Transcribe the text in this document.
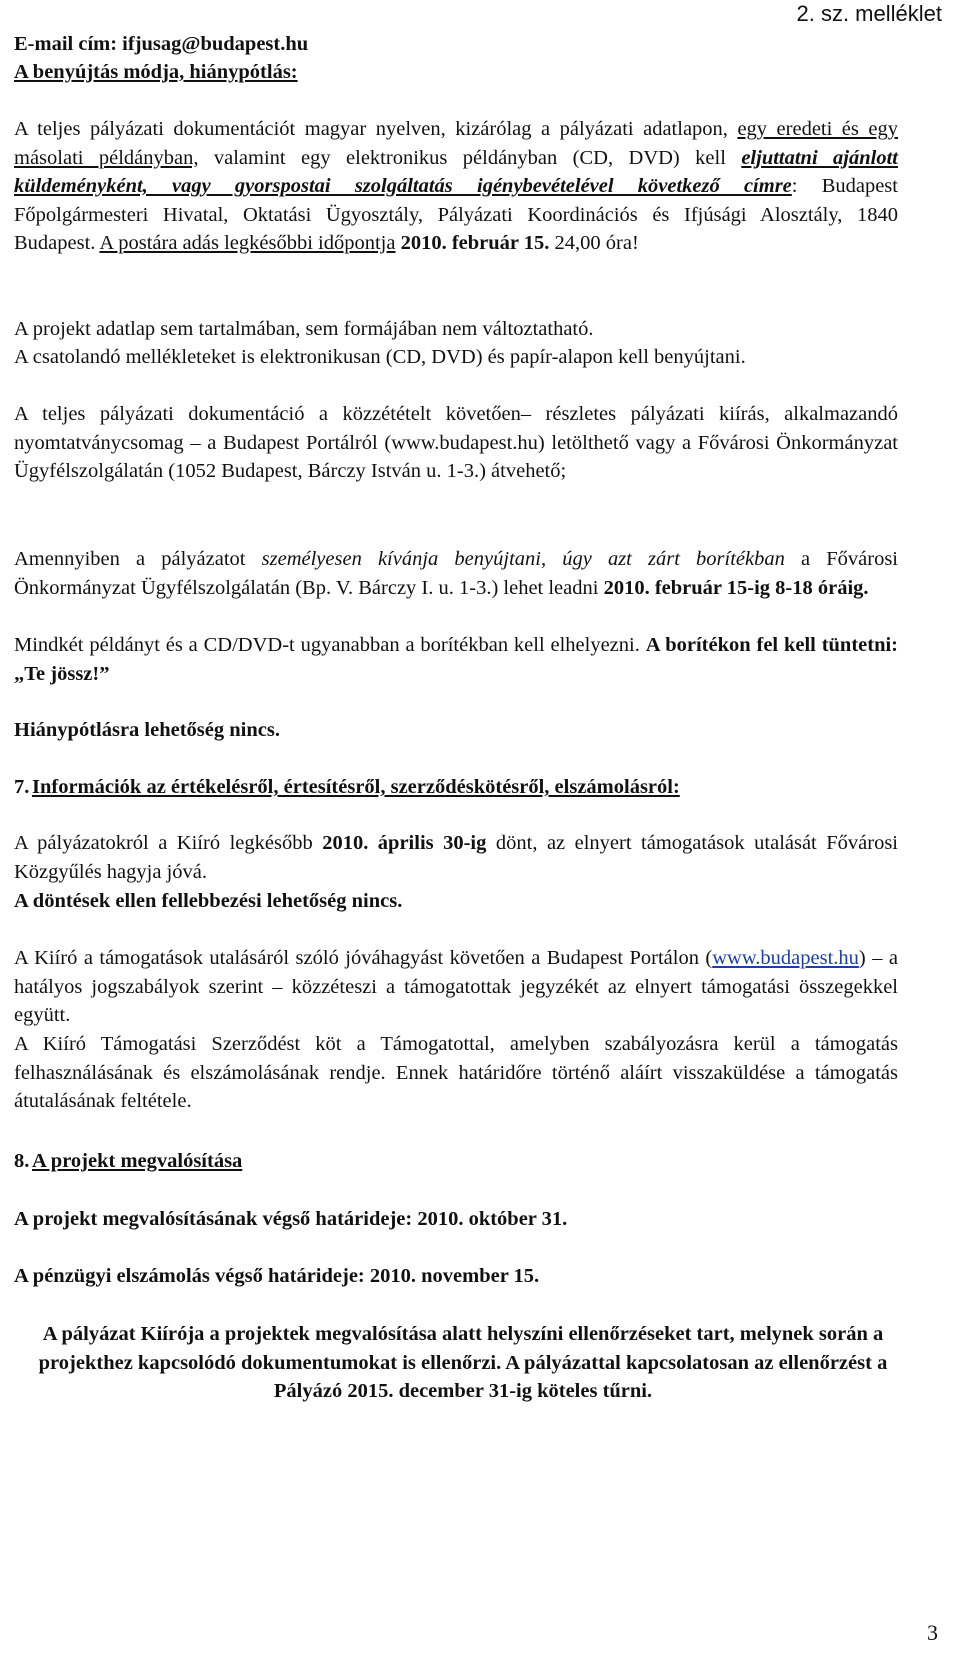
E-mail cím: ifjusag@budapest.hu
A benyújtás módja, hiánypótlás:
2. sz. melléklet
A teljes pályázati dokumentációt magyar nyelven, kizárólag a pályázati adatlapon, egy eredeti és egy másolati példányban, valamint egy elektronikus példányban (CD, DVD) kell eljuttatni ajánlott küldeményként, vagy gyorspostai szolgáltatás igénybevételével következő címre: Budapest Főpolgármesteri Hivatal, Oktatási Ügyosztály, Pályázati Koordinációs és Ifjúsági Alosztály, 1840 Budapest. A postára adás legkésőbbi időpontja 2010. február 15. 24,00 óra!
A projekt adatlap sem tartalmában, sem formájában nem változtatható.
A csatolandó mellékleteket is elektronikusan (CD, DVD) és papír-alapon kell benyújtani.
A teljes pályázati dokumentáció a közzétételt követően– részletes pályázati kiírás, alkalmazandó nyomtatványcsomag – a Budapest Portálról (www.budapest.hu) letölthető vagy a Fővárosi Önkormányzat Ügyfélszolgálatán (1052 Budapest, Bárczy István u. 1-3.) átvehető;
Amennyiben a pályázatot személyesen kívánja benyújtani, úgy azt zárt borítékban a Fővárosi Önkormányzat Ügyfélszolgálatán (Bp. V. Bárczy I. u. 1-3.) lehet leadni 2010. február 15-ig 8-18 óráig.
Mindkét példányt és a CD/DVD-t ugyanabban a borítékban kell elhelyezni. A borítékon fel kell tüntetni: „Te jössz!”
Hiánypótlásra lehetőség nincs.
7. Információk az értékelésről, értesítésről, szerződéskötésről, elszámolásról:
A pályázatokról a Kiíró legkésőbb 2010. április 30-ig dönt, az elnyert támogatások utalását Fővárosi Közgyűlés hagyja jóvá.
A döntések ellen fellebbezési lehetőség nincs.
A Kiíró a támogatások utalásáról szóló jóváhagyást követően a Budapest Portálon (www.budapest.hu) – a hatályos jogszabályok szerint – közzéteszi a támogatottak jegyzékét az elnyert támogatási összegekkel együtt.
A Kiíró Támogatási Szerződést köt a Támogatottal, amelyben szabályozásra kerül a támogatás felhasználásának és elszámolásának rendje. Ennek határidőre történő aláírt visszaküldése a támogatás átutalásának feltétele.
8. A projekt megvalósítása
A projekt megvalósításának végső határideje: 2010. október 31.
A pénzügyi elszámolás végső határideje: 2010. november 15.
A pályázat Kiírója a projektek megvalósítása alatt helyszíni ellenőrzéseket tart, melynek során a projekthez kapcsolódó dokumentumokat is ellenőrzi. A pályázattal kapcsolatosan az ellenőrzést a Pályázó 2015. december 31-ig köteles tűrni.
3
